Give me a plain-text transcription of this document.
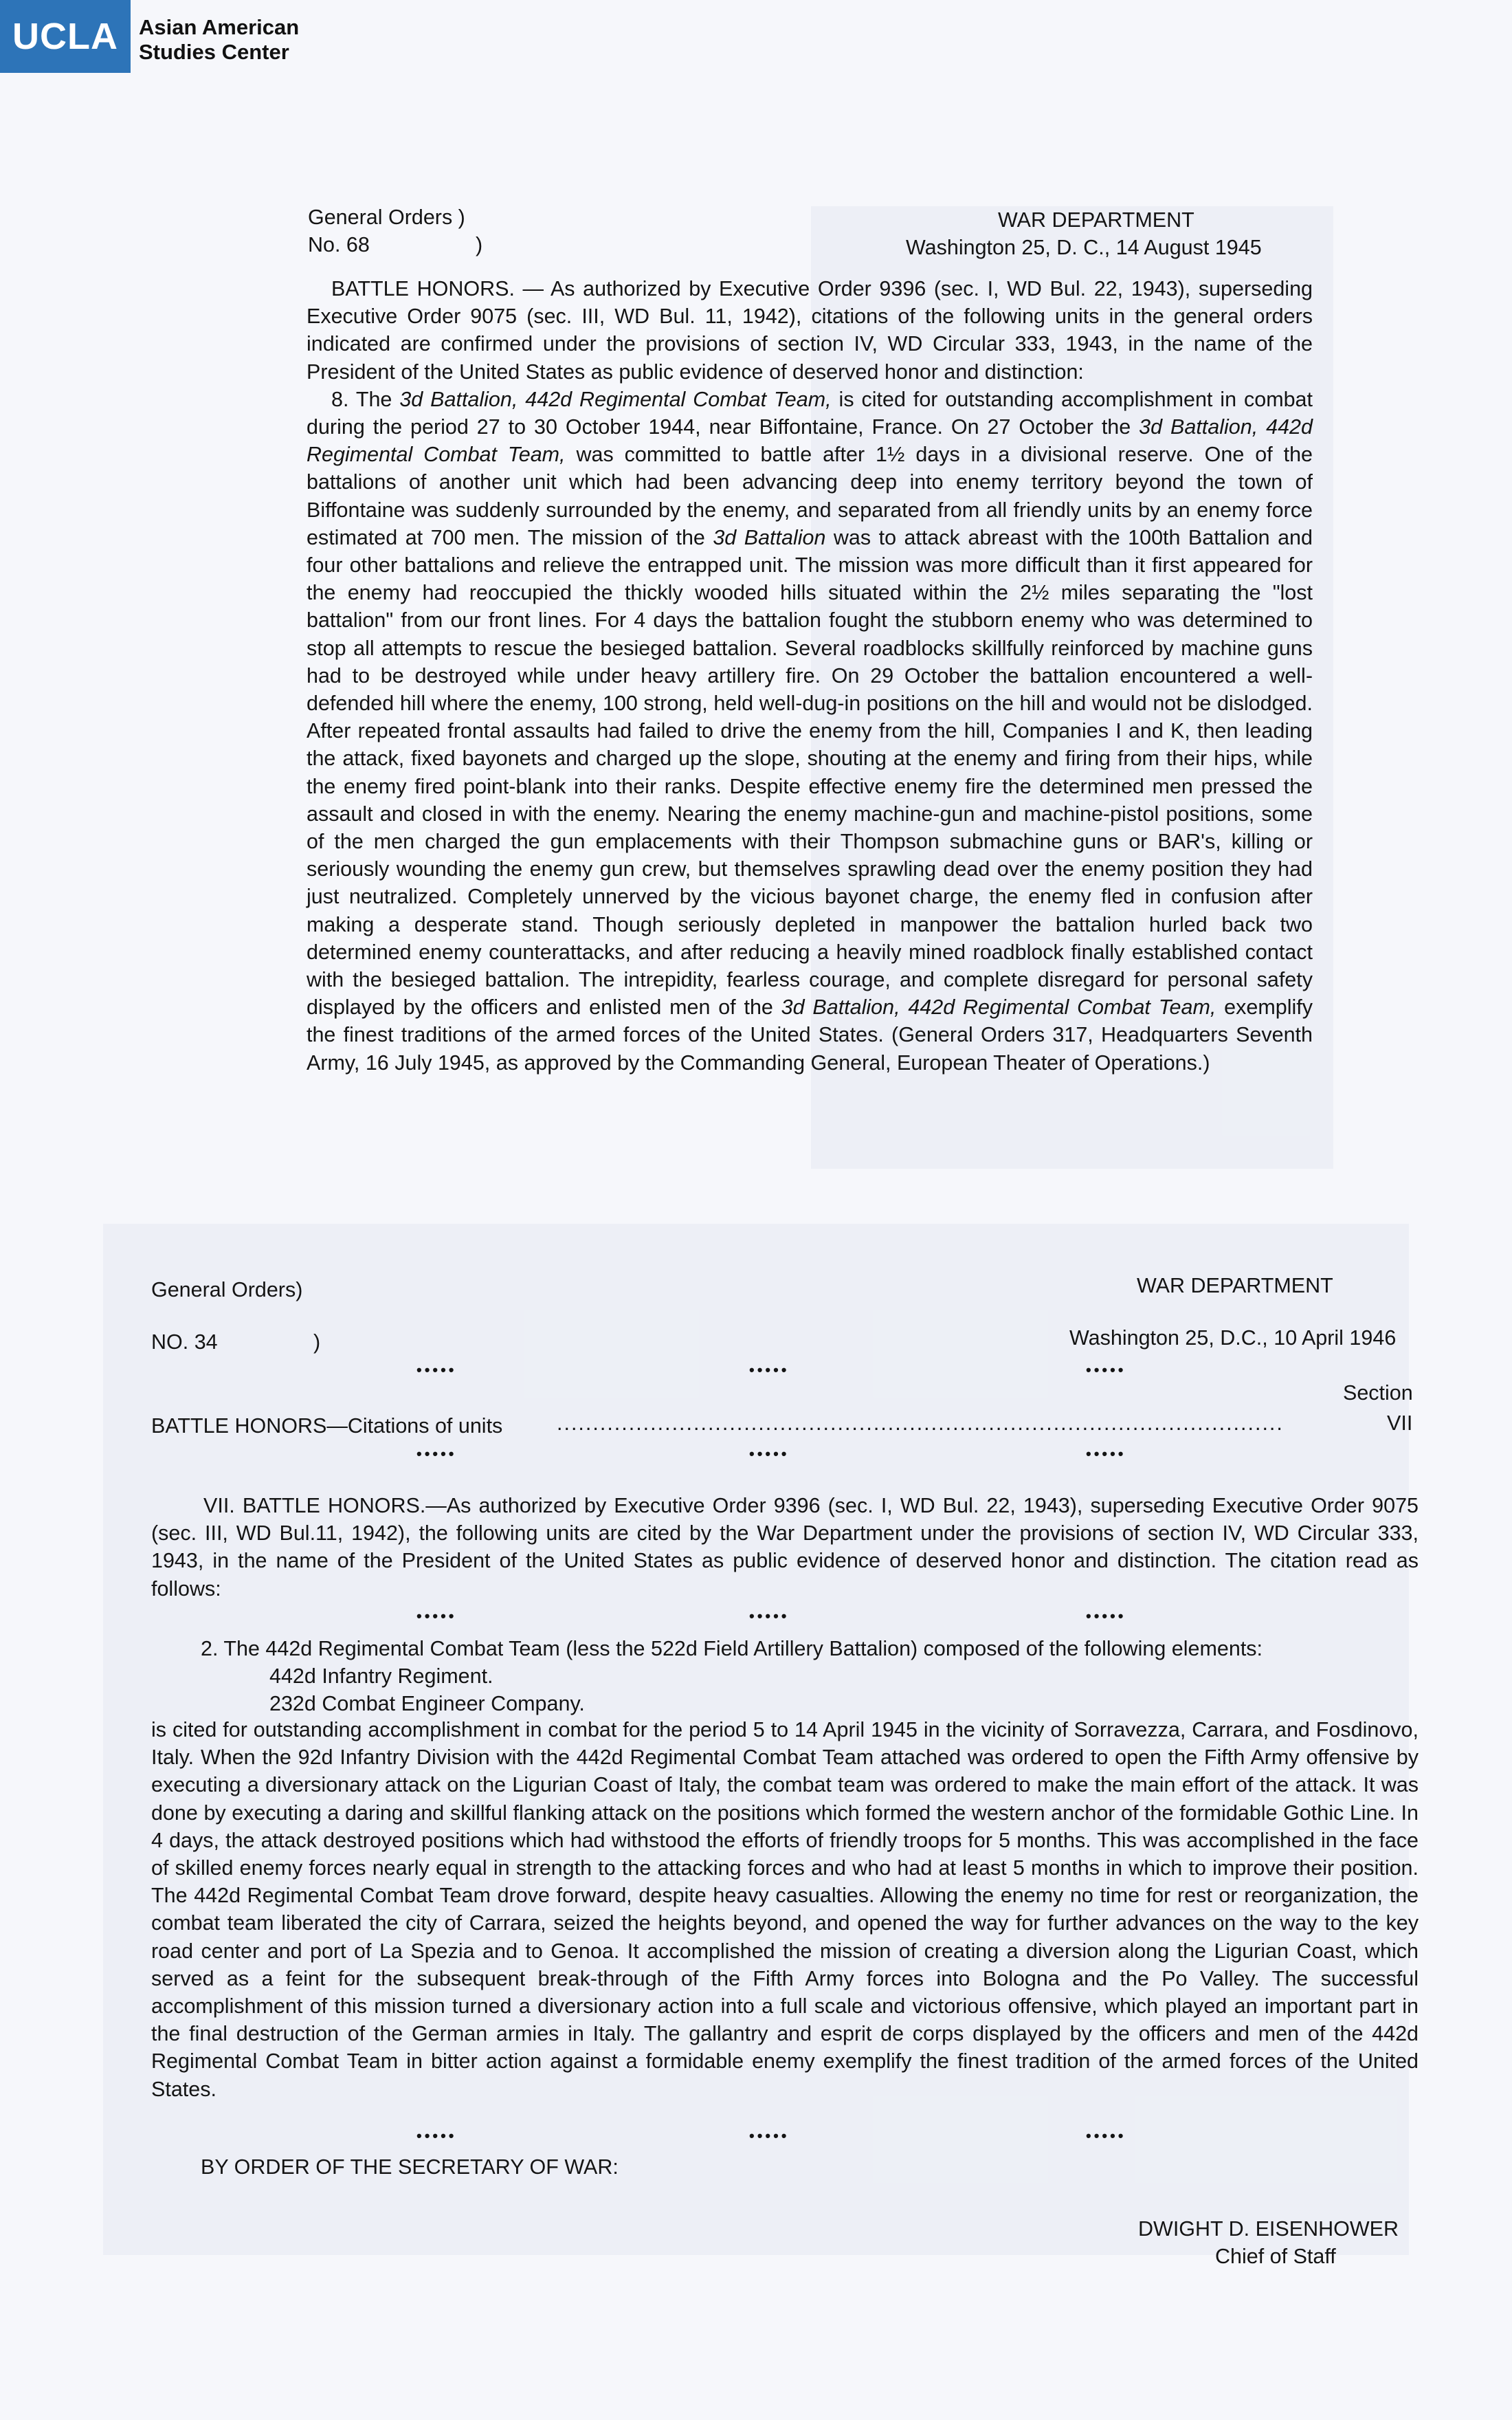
UCLA Asian American
Studies Center
General Orders )
No. 68	)
WAR DEPARTMENT
Washington 25, D. C., 14 August 1945

BATTLE HONORS. — As authorized by Executive Order 9396 (sec. I, WD Bul. 22, 1943), superseding Executive Order 9075 (sec. III, WD Bul. 11, 1942), citations of the following units in the general orders indicated are confirmed under the provisions of section IV, WD Circular 333, 1943, in the name of the President of the United States as public evidence of deserved honor and distinction:

8. The 3d Battalion, 442d Regimental Combat Team, is cited for outstanding accomplishment in combat during the period 27 to 30 October 1944, near Biffontaine, France. On 27 October the 3d Battalion, 442d Regimental Combat Team, was committed to battle after 1½ days in a divisional reserve. One of the battalions of another unit which had been advancing deep into enemy territory beyond the town of Biffontaine was suddenly surrounded by the enemy, and separated from all friendly units by an enemy force estimated at 700 men. The mission of the 3d Battalion was to attack abreast with the 100th Battalion and four other battalions and relieve the entrapped unit. The mission was more difficult than it first appeared for the enemy had reoccupied the thickly wooded hills situated within the 2½ miles separating the "lost battalion" from our front lines. For 4 days the battalion fought the stubborn enemy who was determined to stop all attempts to rescue the besieged battalion. Several roadblocks skillfully reinforced by machine guns had to be destroyed while under heavy artillery fire. On 29 October the battalion encountered a well-defended hill where the enemy, 100 strong, held well-dug-in positions on the hill and would not be dislodged. After repeated frontal assaults had failed to drive the enemy from the hill, Companies I and K, then leading the attack, fixed bayonets and charged up the slope, shouting at the enemy and firing from their hips, while the enemy fired point-blank into their ranks. Despite effective enemy fire the determined men pressed the assault and closed in with the enemy. Nearing the enemy machine-gun and machine-pistol positions, some of the men charged the gun emplacements with their Thompson submachine guns or BAR's, killing or seriously wounding the enemy gun crew, but themselves sprawling dead over the enemy position they had just neutralized. Completely unnerved by the vicious bayonet charge, the enemy fled in confusion after making a desperate stand. Though seriously depleted in manpower the battalion hurled back two determined enemy counterattacks, and after reducing a heavily mined roadblock finally established contact with the besieged battalion. The intrepidity, fearless courage, and complete disregard for personal safety displayed by the officers and enlisted men of the 3d Battalion, 442d Regimental Combat Team, exemplify the finest traditions of the armed forces of the United States. (General Orders 317, Headquarters Seventh Army, 16 July 1945, as approved by the Commanding General, European Theater of Operations.)

General Orders)
NO. 34	)
WAR DEPARTMENT
Washington 25, D.C., 10 April 1946
•••••	•••••	•••••
Section
BATTLE HONORS—Citations of units	.....................................................................................................	VII
•••••	•••••	•••••

VII. BATTLE HONORS.—As authorized by Executive Order 9396 (sec. I, WD Bul. 22, 1943), superseding Executive Order 9075 (sec. III, WD Bul.11, 1942), the following units are cited by the War Department under the provisions of section IV, WD Circular 333, 1943, in the name of the President of the United States as public evidence of deserved honor and distinction. The citation read as follows:

•••••	•••••	•••••
2. The 442d Regimental Combat Team (less the 522d Field Artillery Battalion) composed of the following elements:
442d Infantry Regiment.
232d Combat Engineer Company.

is cited for outstanding accomplishment in combat for the period 5 to 14 April 1945 in the vicinity of Sorravezza, Carrara, and Fosdinovo, Italy. When the 92d Infantry Division with the 442d Regimental Combat Team attached was ordered to open the Fifth Army offensive by executing a diversionary attack on the Ligurian Coast of Italy, the combat team was ordered to make the main effort of the attack. It was done by executing a daring and skillful flanking attack on the positions which formed the western anchor of the formidable Gothic Line. In 4 days, the attack destroyed positions which had withstood the efforts of friendly troops for 5 months. This was accomplished in the face of skilled enemy forces nearly equal in strength to the attacking forces and who had at least 5 months in which to improve their position. The 442d Regimental Combat Team drove forward, despite heavy casualties. Allowing the enemy no time for rest or reorganization, the combat team liberated the city of Carrara, seized the heights beyond, and opened the way for further advances on the way to the key road center and port of La Spezia and to Genoa. It accomplished the mission of creating a diversion along the Ligurian Coast, which served as a feint for the subsequent break-through of the Fifth Army forces into Bologna and the Po Valley. The successful accomplishment of this mission turned a diversionary action into a full scale and victorious offensive, which played an important part in the final destruction of the German armies in Italy. The gallantry and esprit de corps displayed by the officers and men of the 442d Regimental Combat Team in bitter action against a formidable enemy exemplify the finest tradition of the armed forces of the United States.

•••••	•••••	•••••
BY ORDER OF THE SECRETARY OF WAR:
DWIGHT D. EISENHOWER
Chief of Staff
